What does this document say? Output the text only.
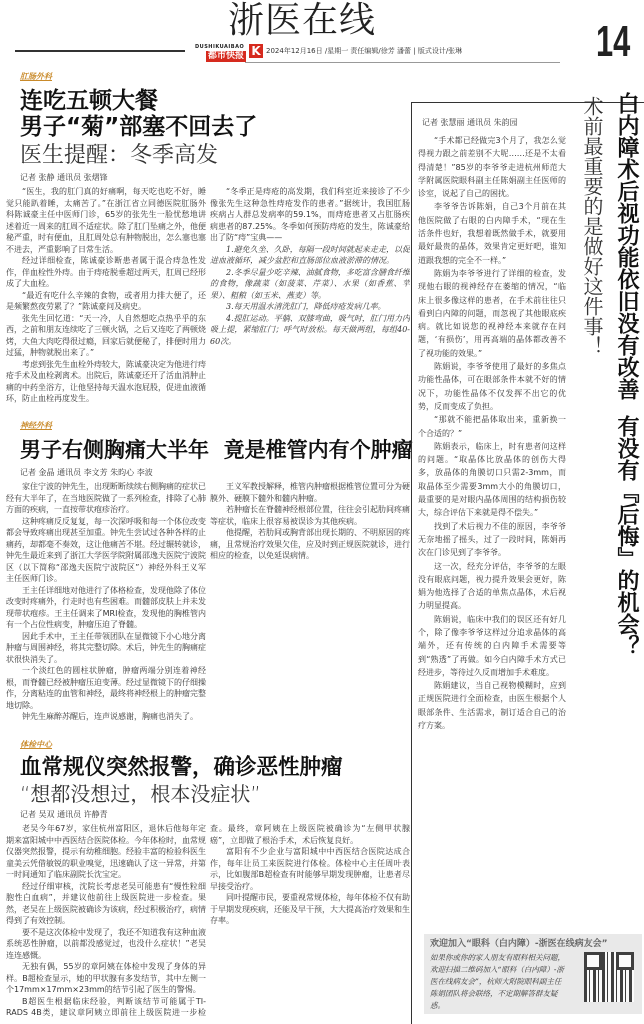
浙医在线
DUSHIKUAIBAO
都市快报 K 2024年12月16日 /星期一 责任编辑/徐芳 潘蕾 | 版式设计/张琳	14
肛肠外科
连吃五顿大餐
男子“菊”部塞不回去了
医生提醒：冬季高发
记者 张静 通讯员 张熠锋

“医生，我的肛门真的好痛啊，每天吃也吃不好，睡觉只能趴着睡，太痛苦了。”在浙江省立同德医院肛肠外科陈诚豪主任中医师门诊，65岁的张先生一脸忧愁地讲述着近一周来的肛周不适症状。除了肛门坠痛之外，他便秘严重，时有便血，且肛周处总有肿物脱出，怎么塞也塞不进去，严重影响了日常生活。

经过详细检查，陈诚豪诊断患者属于混合痔急性发作，伴血栓性外痔。由于痔疮脱垂超过两天，肛周已经形成了大血栓。

“最近有吃什么辛辣的食物，或者用力排大便了，还是频繁熬夜劳累了？”陈诚豪问及病史。

张先生回忆道：“天一冷，人自然想吃点热乎乎的东西，之前和朋友连续吃了三顿火锅，之后又连吃了两顿烧烤，大鱼大肉吃得很过瘾，回家后就便秘了，排便时用力过猛，肿物就脱出来了。”

考虑到张先生血栓外痔较大，陈诚豪决定为他进行痔疮手术及血栓剥离术。出院后，陈诚豪还开了活血消肿止痛的中药坐浴方，让他坚持每天温水泡屁股，促进血液循环，防止血栓再度发生。

“冬季正是痔疮的高发期，我们科室近来接诊了不少像张先生这种急性痔疮发作的患者。”据统计，我国肛肠疾病占人群总发病率的59.1%，而痔疮患者又占肛肠疾病患者的87.25%。冬季如何预防痔疮的发生，陈诚豪给出了防“痔”宝典——

1.避免久坐、久卧，每隔一段时间就起来走走，以促进血液循环，减少盆腔和直肠部位血液淤滞的情况。

2.冬季尽量少吃辛辣、油腻食物，多吃富含膳食纤维的食物，像蔬菜（如菠菜、芹菜）、水果（如香蕉、苹果）、粗粮（如玉米、燕麦）等。

3.每天用温水清洗肛门，降低痔疮发病几率。

4.提肛运动。平躺、双膝弯曲，吸气时，肛门用力内吸上提，紧缩肛门；呼气时放松。每天做两组，每组40-60次。

神经外科
男子右侧胸痛大半年  竟是椎管内有个肿瘤
记者 金晶 通讯员 李文芳 朱昀心 李波

家住宁波的钟先生，出现断断续续右侧胸痛的症状已经有大半年了，在当地医院做了一系列检查，排除了心肺方面的疾病，一直按带状疱疹治疗。

这种疼痛反反复复，每一次深呼吸和每一个体位改变都会导致疼痛出现甚至加重。钟先生尝试过各种各样的止痛药，却都毫不奏效，这让他痛苦不堪。经过辗转就诊，钟先生最近来到了浙江大学医学院附属邵逸夫医院宁波院区（以下简称“邵逸夫医院宁波院区”）神经外科王义军主任医师门诊。

王主任详细地对他进行了体格检查，发现他除了体位改变时疼痛外，行走时也有些困难。而髓部皮肤上并未发现带状疱疹。王主任调来了MRI检查，发现他的胸椎管内有一个占位性病变，肿瘤压迫了脊髓。

因此手术中，王主任带领团队在显微镜下小心地分离肿瘤与周围神经，将其完整切除。术后，钟先生的胸痛症状很快消失了。

一个淡红色的圆柱状肿瘤，肿瘤两端分别连着神经根，而脊髓已经被肿瘤压迫变薄。经过显微镜下的仔细操作，分离粘连的血管和神经，最终将神经根上的肿瘤完整地切除。

钟先生麻醉苏醒后，连声说感谢，胸痛也消失了。

王义军教授解释，椎管内肿瘤根据椎管位置可分为硬膜外、硬膜下髓外和髓内肿瘤。

若肿瘤长在脊髓神经根部位置，往往会引起肋间疼痛等症状，临床上很容易被误诊为其他疾病。

他提醒，若肋间或胸背部出现长期的、不明原因的疼痛，且常规治疗效果欠佳，应及时到正规医院就诊，进行相应的检查，以免延误病情。

体检中心
血常规仪突然报警，确诊恶性肿瘤
“想都没想过，根本没症状”
记者 吴双 通讯员 许静青

老吴今年67岁，家住杭州富阳区，退休后他每年定期来富阳城中中西医结合医院体检。今年体检时，血常规仪器突然报警，提示有幼稚细胞。经验丰富的检验科医生童美云凭借敏锐的职业嗅觉，迅速确认了这一异常，并第一时间通知了临床副院长沈宝定。

经过仔细审核，沈院长考虑老吴可能患有“慢性粒细胞性白血病”，并建议他前往上级医院进一步检查。果然，老吴在上级医院被确诊为该病，经过积极治疗，病情得到了有效控制。

要不是这次体检中发现了，我还不知道我有这种血液系统恶性肿瘤，以前都没感觉过，也没什么症状！”老吴连连感慨。

无独有偶，55岁的章阿姨在体检中发现了身体的异样。B超检查显示，她的甲状腺有多发结节，其中左侧一个17mm×17mm×23mm的结节引起了医生的警惕。

B超医生根据临床经验，判断该结节可能属于TI-RADS 4B类，建议章阿姨立即前往上级医院进一步检查。最终，章阿姨在上级医院被确诊为“左侧甲状腺癌”，立即做了根治手术，术后恢复良好。

富阳有不少企业与富阳城中中西医结合医院达成合作，每年让员工来医院进行体检。体检中心主任周叶表示，比如腹部B超检查有时能够早期发现肿瘤，让患者尽早接受治疗。

同叶提醒市民，要重视常规体检，每年体检不仅有助于早期发现疾病，还能及早干预，大大提高治疗效果和生存率。

记者 张慧丽 通讯员 朱韵园

“手术都已经做完3个月了，我怎么觉得视力跟之前差别不大呢……还是不太看得清楚！”85岁的李爷爷走进杭州师范大学附属医院眼科副主任陈娟副主任医师的诊室，说起了自己的困扰。

李爷爷告诉陈娟，自己3个月前在其他医院做了右眼的白内障手术，“现在生活条件也好，我想着既然做手术，就要用最好最贵的晶体，效果肯定更好吧，谁知道跟我想的完全不一样。”

陈娟为李爷爷进行了详细的检查，发现他右眼的视神经存在萎缩的情况，“临床上很多像这样的患者，在手术前往往只看到白内障的问题，而忽视了其他眼底疾病。就比如说您的视神经本来就存在问题，‘有损伤’，用再高端的晶体都改善不了视功能的效果。”

陈娟说，李爷爷使用了最好的多焦点功能性晶体，可在眼部条件本就不好的情况下，功能性晶体不仅发挥不出它的优势，反而变成了负担。

“那就不能把晶体取出来，重新换一个合适的？”

陈娟表示，临床上，时有患者问这样的问题。“取晶体比放晶体的创伤大得多，放晶体的角膜切口只需2-3mm，而取晶体至少需要3mm大小的角膜切口，最重要的是对眼内晶体周围的结构损伤较大，综合评估下来就是得不偿失。”

找到了术后视力不佳的原因，李爷爷无奈地摇了摇头，过了一段时间，陈娟再次在门诊见到了李爷爷。

这一次，经充分评估，李爷爷的左眼没有眼底问题，视力提升效果会更好，陈娟为他选择了合适的单焦点晶体，术后视力明显提高。

陈娟说，临床中我们的误区还有好几个，除了像李爷爷这样过分追求晶体的高端外，还有传统的白内障手术需要等到“熟透”了再做。如今白内障手术方式已经进步，等待过久反而增加手术难度。

陈娟建议，当自己视物模糊时，应到正规医院进行全面检查，由医生根据个人眼部条件、生活需求，制订适合自己的治疗方案。

白内障术后视功能依旧没有改善  有没有『后悔』的机会？
术前最重要的是做好这件事！
欢迎加入“眼科（白内障）-浙医在线病友会”
如果你或你的家人朋友有眼科相关问题，欢迎扫描二维码加入“眼科（白内障）-浙医在线病友会”，杭师大附院眼科副主任陈娟团队将会联络，不定期解答群友疑惑。
